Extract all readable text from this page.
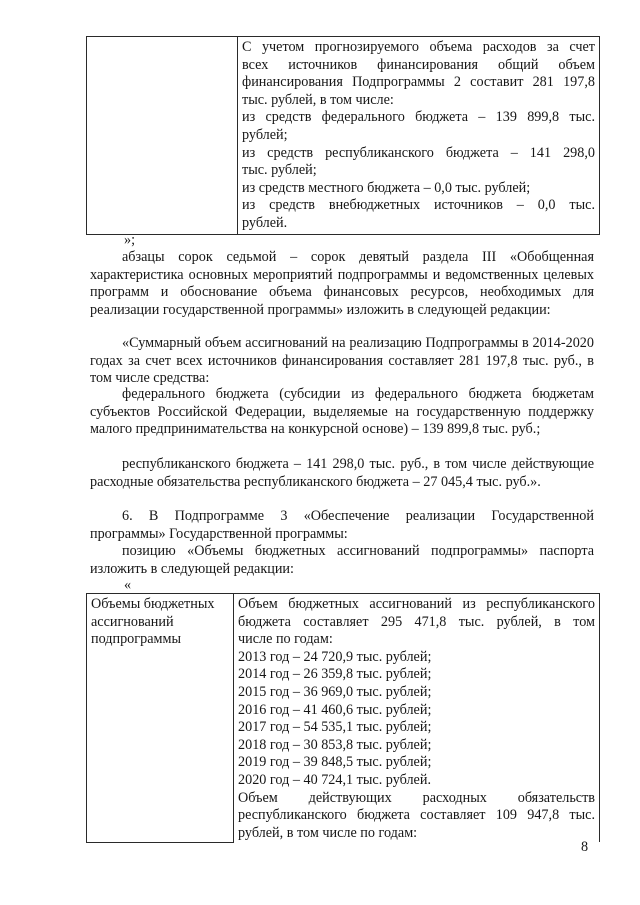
С учетом прогнозируемого объема расходов за счет
всех источников финансирования общий объем
финансирования Подпрограммы 2 составит 281 197,8
тыс. рублей, в том числе:
из средств федерального бюджета – 139 899,8 тыс.
рублей;
из средств республиканского бюджета – 141 298,0
тыс. рублей;
из средств местного бюджета – 0,0 тыс. рублей;
из средств внебюджетных источников – 0,0 тыс.
рублей.
»;

абзацы сорок седьмой – сорок девятый раздела III «Обобщенная характеристика основных мероприятий подпрограммы и ведомственных целевых программ и обоснование объема финансовых ресурсов, необходимых для реализации государственной программы» изложить в следующей редакции:

«Суммарный объем ассигнований на реализацию Подпрограммы в 2014-2020 годах за счет всех источников финансирования составляет 281 197,8 тыс. руб., в том числе средства:

федерального бюджета (субсидии из федерального бюджета бюджетам субъектов Российской Федерации, выделяемые на государственную поддержку малого предпринимательства на конкурсной основе) – 139 899,8 тыс. руб.;

республиканского бюджета – 141 298,0 тыс. руб., в том числе действующие расходные обязательства республиканского бюджета – 27 045,4 тыс. руб.».

6. В Подпрограмме 3 «Обеспечение реализации Государственной программы» Государственной программы:

позицию «Объемы бюджетных ассигнований подпрограммы» паспорта изложить в следующей редакции:

«
Объемы бюджетных
ассигнований
подпрограммы

Объем бюджетных ассигнований из республиканского
бюджета составляет 295 471,8 тыс. рублей, в том
числе по годам:
2013 год – 24 720,9 тыс. рублей;
2014 год – 26 359,8 тыс. рублей;
2015 год – 36 969,0 тыс. рублей;
2016 год – 41 460,6 тыс. рублей;
2017 год – 54 535,1 тыс. рублей;
2018 год – 30 853,8 тыс. рублей;
2019 год – 39 848,5 тыс. рублей;
2020 год – 40 724,1 тыс. рублей.
Объем действующих расходных обязательств
республиканского бюджета составляет 109 947,8 тыс.
рублей, в том числе по годам:
8
